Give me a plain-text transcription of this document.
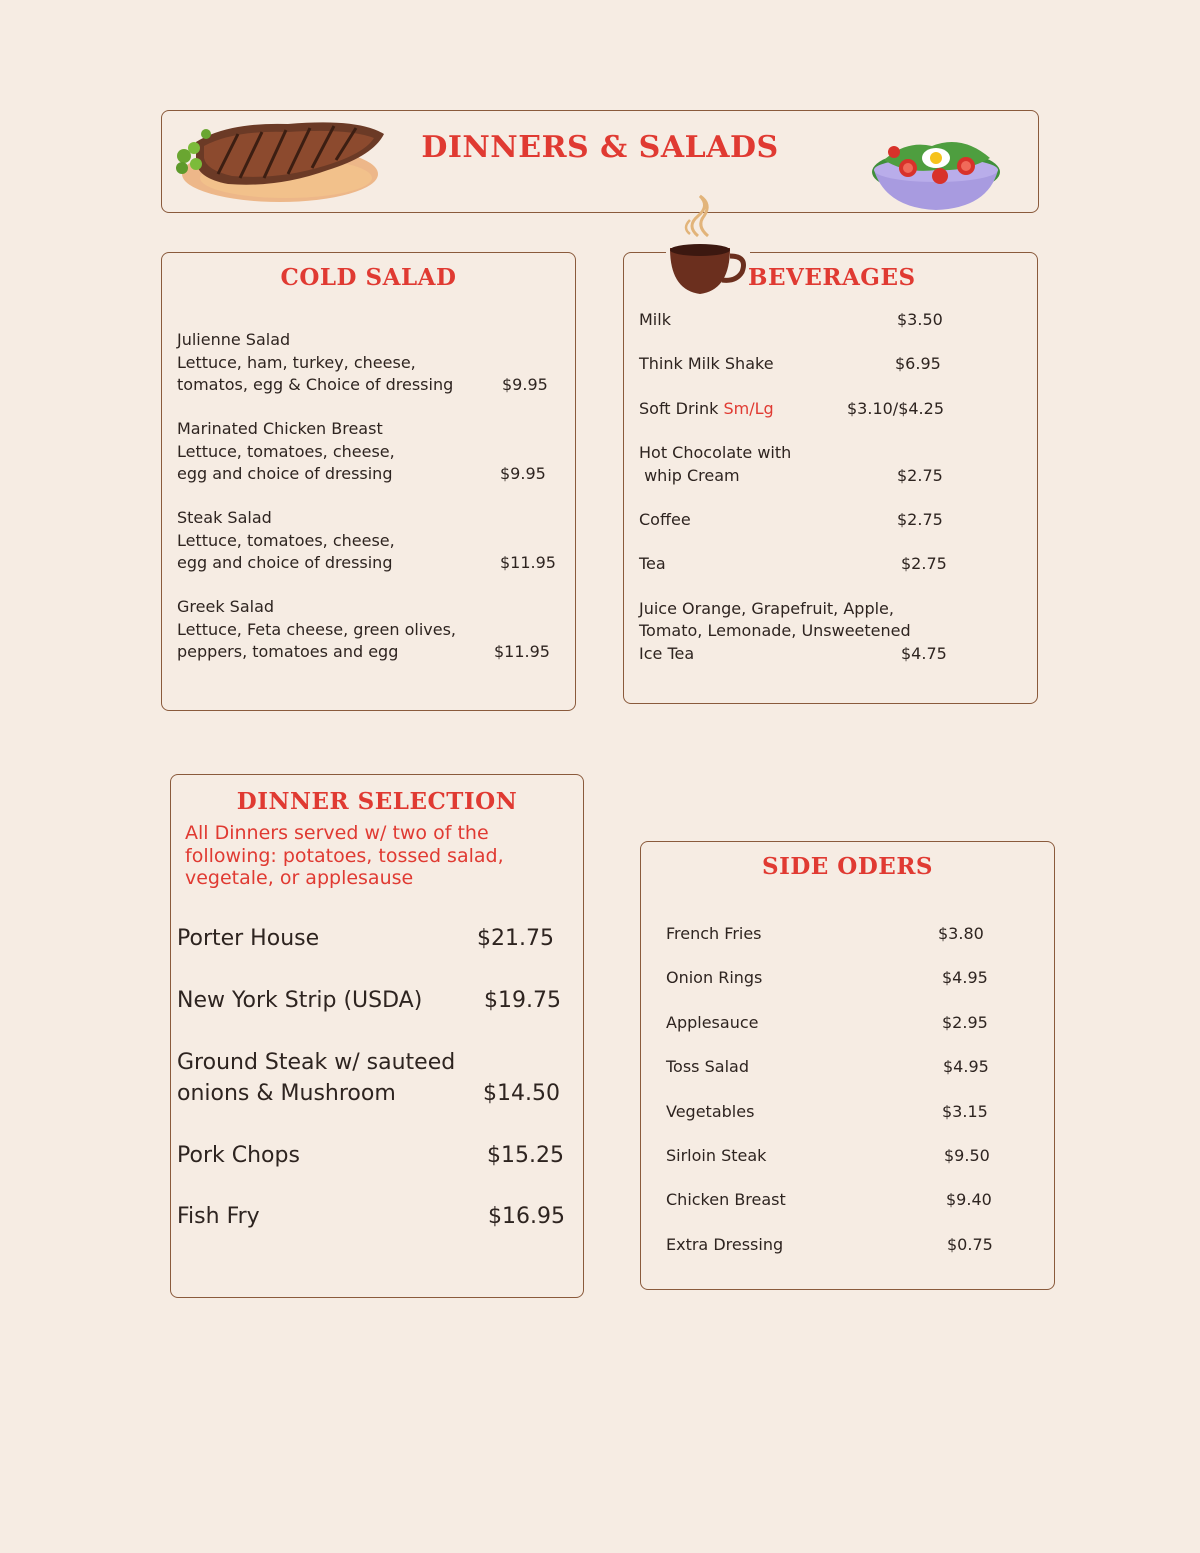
DINNERS & SALADS
COLD SALAD
Julienne Salad
Lettuce, ham, turkey, cheese,
tomatos, egg & Choice of dressing	$9.95
Marinated Chicken Breast
Lettuce, tomatoes, cheese,
egg and choice of dressing	$9.95
Steak Salad
Lettuce, tomatoes, cheese,
egg and choice of dressing	$11.95
Greek Salad
Lettuce, Feta cheese, green olives,
peppers, tomatoes and egg	$11.95
BEVERAGES
Milk	$3.50
Think Milk Shake	$6.95
Soft Drink Sm/Lg	$3.10/$4.25
Hot Chocolate with
whip Cream	$2.75
Coffee	$2.75
Tea	$2.75
Juice Orange, Grapefruit, Apple,
Tomato, Lemonade, Unsweetened
Ice Tea	$4.75
DINNER SELECTION
All Dinners served w/ two of the following: potatoes, tossed salad, vegetale, or applesause
Porter House	$21.75
New York Strip (USDA)	$19.75
Ground Steak w/ sauteed
onions & Mushroom	$14.50
Pork Chops	$15.25
Fish Fry	$16.95
SIDE ODERS
French Fries	$3.80
Onion Rings	$4.95
Applesauce	$2.95
Toss Salad	$4.95
Vegetables	$3.15
Sirloin Steak	$9.50
Chicken Breast	$9.40
Extra Dressing	$0.75
